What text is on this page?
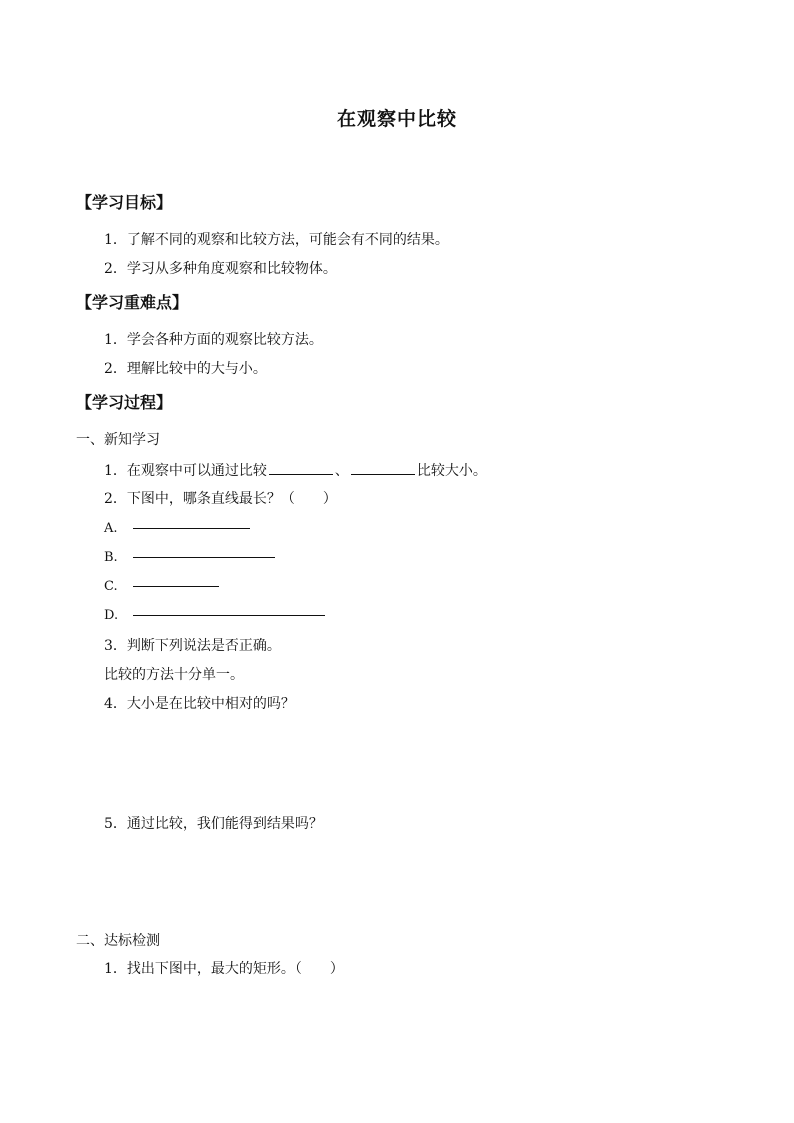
在观察中比较
【学习目标】
1．了解不同的观察和比较方法，可能会有不同的结果。
2．学习从多种角度观察和比较物体。
【学习重难点】
1．学会各种方面的观察比较方法。
2．理解比较中的大与小。
【学习过程】
一、新知学习
1．在观察中可以通过比较	、	比较大小。
2．下图中，哪条直线最长？（　　）
A.
B.
C.
D.
3．判断下列说法是否正确。
比较的方法十分单一。
4．大小是在比较中相对的吗？
5．通过比较，我们能得到结果吗？
二、达标检测
1．找出下图中，最大的矩形。（　　）
